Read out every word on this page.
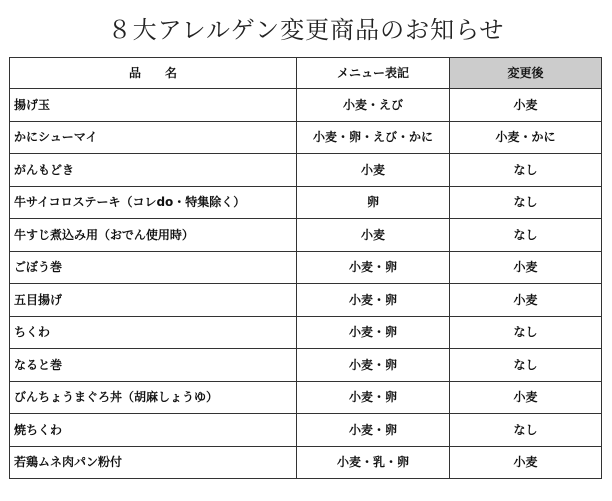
８大アレルゲン変更商品のお知らせ
品　　名	メニュー表記	変更後
揚げ玉	小麦・えび	小麦
かにシューマイ	小麦・卵・えび・かに	小麦・かに
がんもどき	小麦	なし
牛サイコロステーキ（コレdo・特集除く）	卵	なし
牛すじ煮込み用（おでん使用時）	小麦	なし
ごぼう巻	小麦・卵	小麦
五目揚げ	小麦・卵	小麦
ちくわ	小麦・卵	なし
なると巻	小麦・卵	なし
びんちょうまぐろ丼（胡麻しょうゆ）	小麦・卵	小麦
焼ちくわ	小麦・卵	なし
若鶏ムネ肉パン粉付	小麦・乳・卵	小麦
